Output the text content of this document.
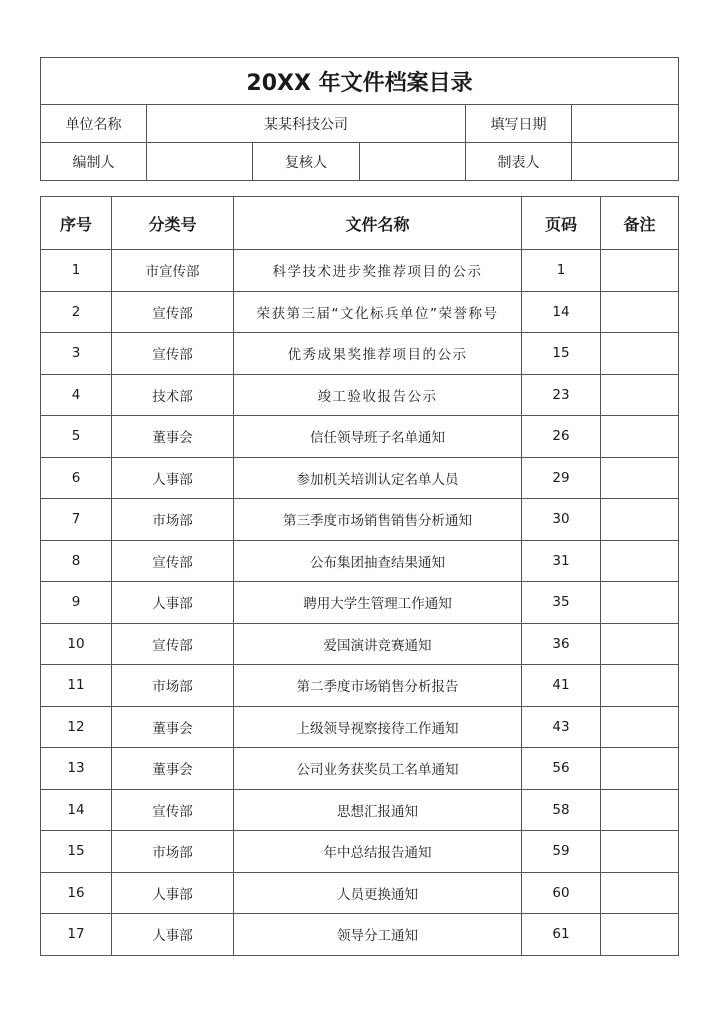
20XX 年文件档案目录					
单位名称	某某科技公司			填写日期	
编制人		复核人		制表人	
序号	分类号	文件名称	页码	备注
1	市宣传部	科学技术进步奖推荐项目的公示	1	
2	宣传部	荣获第三届“文化标兵单位”荣誉称号	14	
3	宣传部	优秀成果奖推荐项目的公示	15	
4	技术部	竣工验收报告公示	23	
5	董事会	信任领导班子名单通知	26	
6	人事部	参加机关培训认定名单人员	29	
7	市场部	第三季度市场销售销售分析通知	30	
8	宣传部	公布集团抽查结果通知	31	
9	人事部	聘用大学生管理工作通知	35	
10	宣传部	爱国演讲竞赛通知	36	
11	市场部	第二季度市场销售分析报告	41	
12	董事会	上级领导视察接待工作通知	43	
13	董事会	公司业务获奖员工名单通知	56	
14	宣传部	思想汇报通知	58	
15	市场部	年中总结报告通知	59	
16	人事部	人员更换通知	60	
17	人事部	领导分工通知	61	
